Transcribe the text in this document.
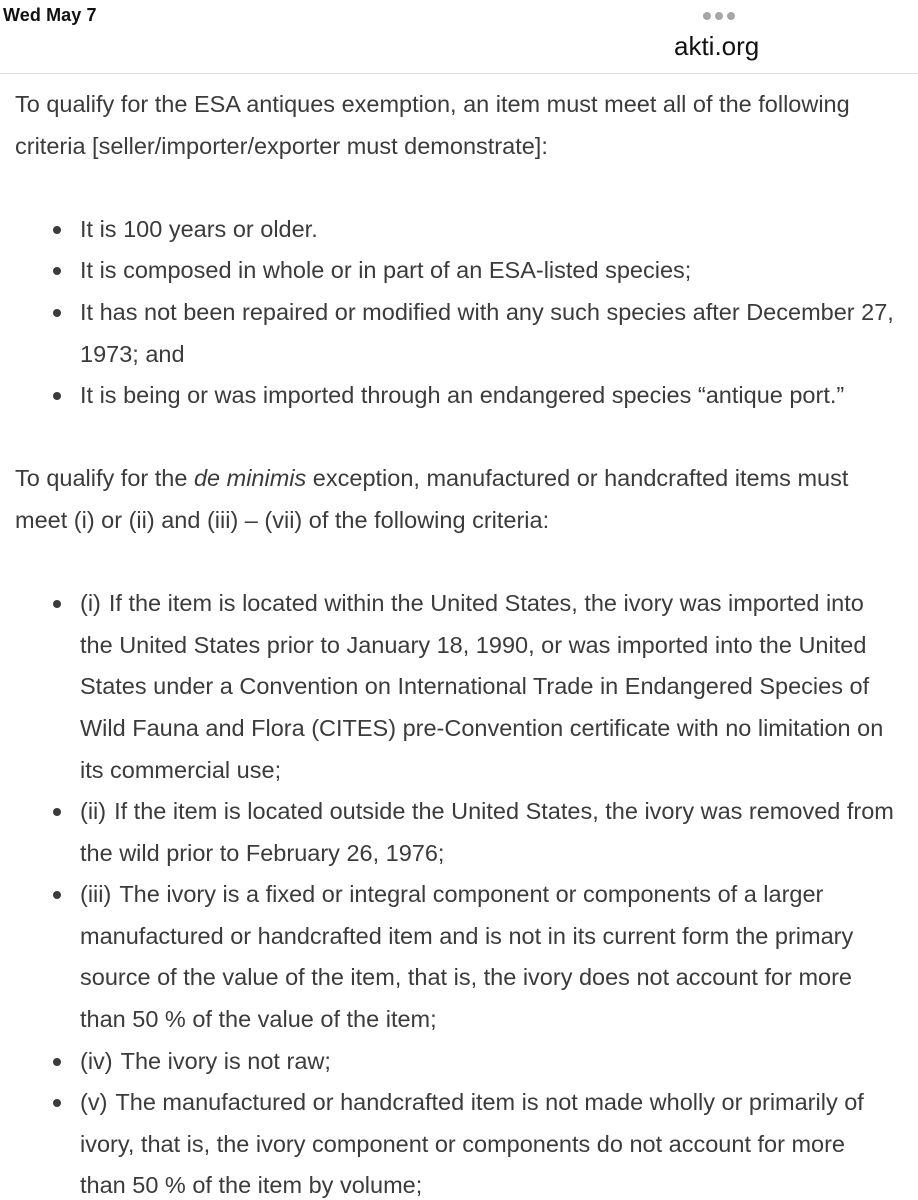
Wed May 7
akti.org

To qualify for the ESA antiques exemption, an item must meet all of the following criteria [seller/importer/exporter must demonstrate]:

It is 100 years or older.
It is composed in whole or in part of an ESA-listed species;
It has not been repaired or modified with any such species after December 27, 1973; and
It is being or was imported through an endangered species “antique port.”

To qualify for the de minimis exception, manufactured or handcrafted items must meet (i) or (ii) and (iii) – (vii) of the following criteria:

(i) If the item is located within the United States, the ivory was imported into the United States prior to January 18, 1990, or was imported into the United States under a Convention on International Trade in Endangered Species of Wild Fauna and Flora (CITES) pre-Convention certificate with no limitation on its commercial use;
(ii) If the item is located outside the United States, the ivory was removed from the wild prior to February 26, 1976;
(iii) The ivory is a fixed or integral component or components of a larger manufactured or handcrafted item and is not in its current form the primary source of the value of the item, that is, the ivory does not account for more than 50 % of the value of the item;
(iv) The ivory is not raw;
(v) The manufactured or handcrafted item is not made wholly or primarily of ivory, that is, the ivory component or components do not account for more than 50 % of the item by volume;
